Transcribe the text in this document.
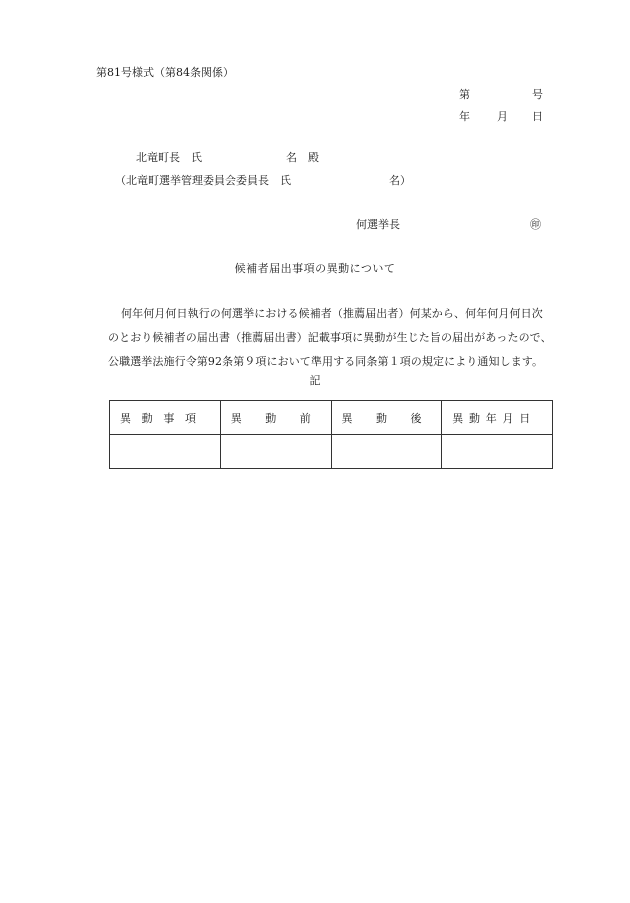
第81号様式（第84条関係）
第	号
年 月 日
北竜町長　氏	名　殿
（北竜町選挙管理委員会委員長　氏	名）
何選挙長	㊞
候補者届出事項の異動について
何年何月何日執行の何選挙における候補者（推薦届出者）何某から、何年何月何日次
のとおり候補者の届出書（推薦届出書）記載事項に異動が生じた旨の届出があったので、
公職選挙法施行令第92条第９項において準用する同条第１項の規定により通知します。
記
異 動 事 項	異 動 前	異 動 後	異 動 年 月 日
